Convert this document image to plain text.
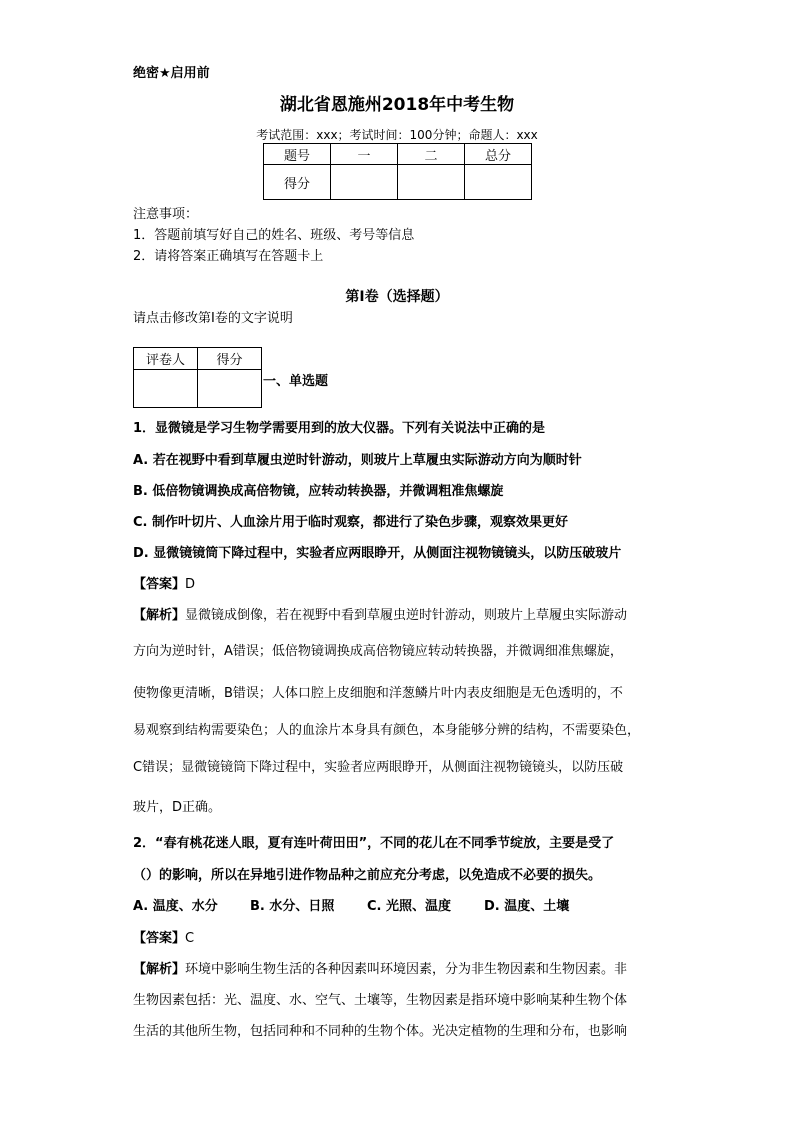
绝密★启用前
湖北省恩施州2018年中考生物
考试范围：xxx；考试时间：100分钟；命题人：xxx
题号	一	二	总分
得分			
注意事项：
1．答题前填写好自己的姓名、班级、考号等信息
2．请将答案正确填写在答题卡上
第I卷（选择题）
请点击修改第I卷的文字说明
评卷人	得分

一、单选题
1．显微镜是学习生物学需要用到的放大仪器。下列有关说法中正确的是
A. 若在视野中看到草履虫逆时针游动，则玻片上草履虫实际游动方向为顺时针
B. 低倍物镜调换成高倍物镜，应转动转换器，并微调粗准焦螺旋
C. 制作叶切片、人血涂片用于临时观察，都进行了染色步骤，观察效果更好
D. 显微镜镜筒下降过程中，实验者应两眼睁开，从侧面注视物镜镜头，以防压破玻片
【答案】D
【解析】显微镜成倒像，若在视野中看到草履虫逆时针游动，则玻片上草履虫实际游动
方向为逆时针，A错误；低倍物镜调换成高倍物镜应转动转换器，并微调细准焦螺旋，
使物像更清晰，B错误；人体口腔上皮细胞和洋葱鳞片叶内表皮细胞是无色透明的，不
易观察到结构需要染色；人的血涂片本身具有颜色，本身能够分辨的结构，不需要染色，
C错误；显微镜镜筒下降过程中，实验者应两眼睁开，从侧面注视物镜镜头，以防压破
玻片，D正确。
2．“春有桃花迷人眼，夏有连叶荷田田”，不同的花儿在不同季节绽放，主要是受了
（）的影响，所以在异地引进作物品种之前应充分考虑，以免造成不必要的损失。
A. 温度、水分 B. 水分、日照	C. 光照、温度	D. 温度、土壤
【答案】C
【解析】环境中影响生物生活的各种因素叫环境因素，分为非生物因素和生物因素。非
生物因素包括：光、温度、水、空气、土壤等，生物因素是指环境中影响某种生物个体
生活的其他所生物，包括同种和不同种的生物个体。光决定植物的生理和分布，也影响
